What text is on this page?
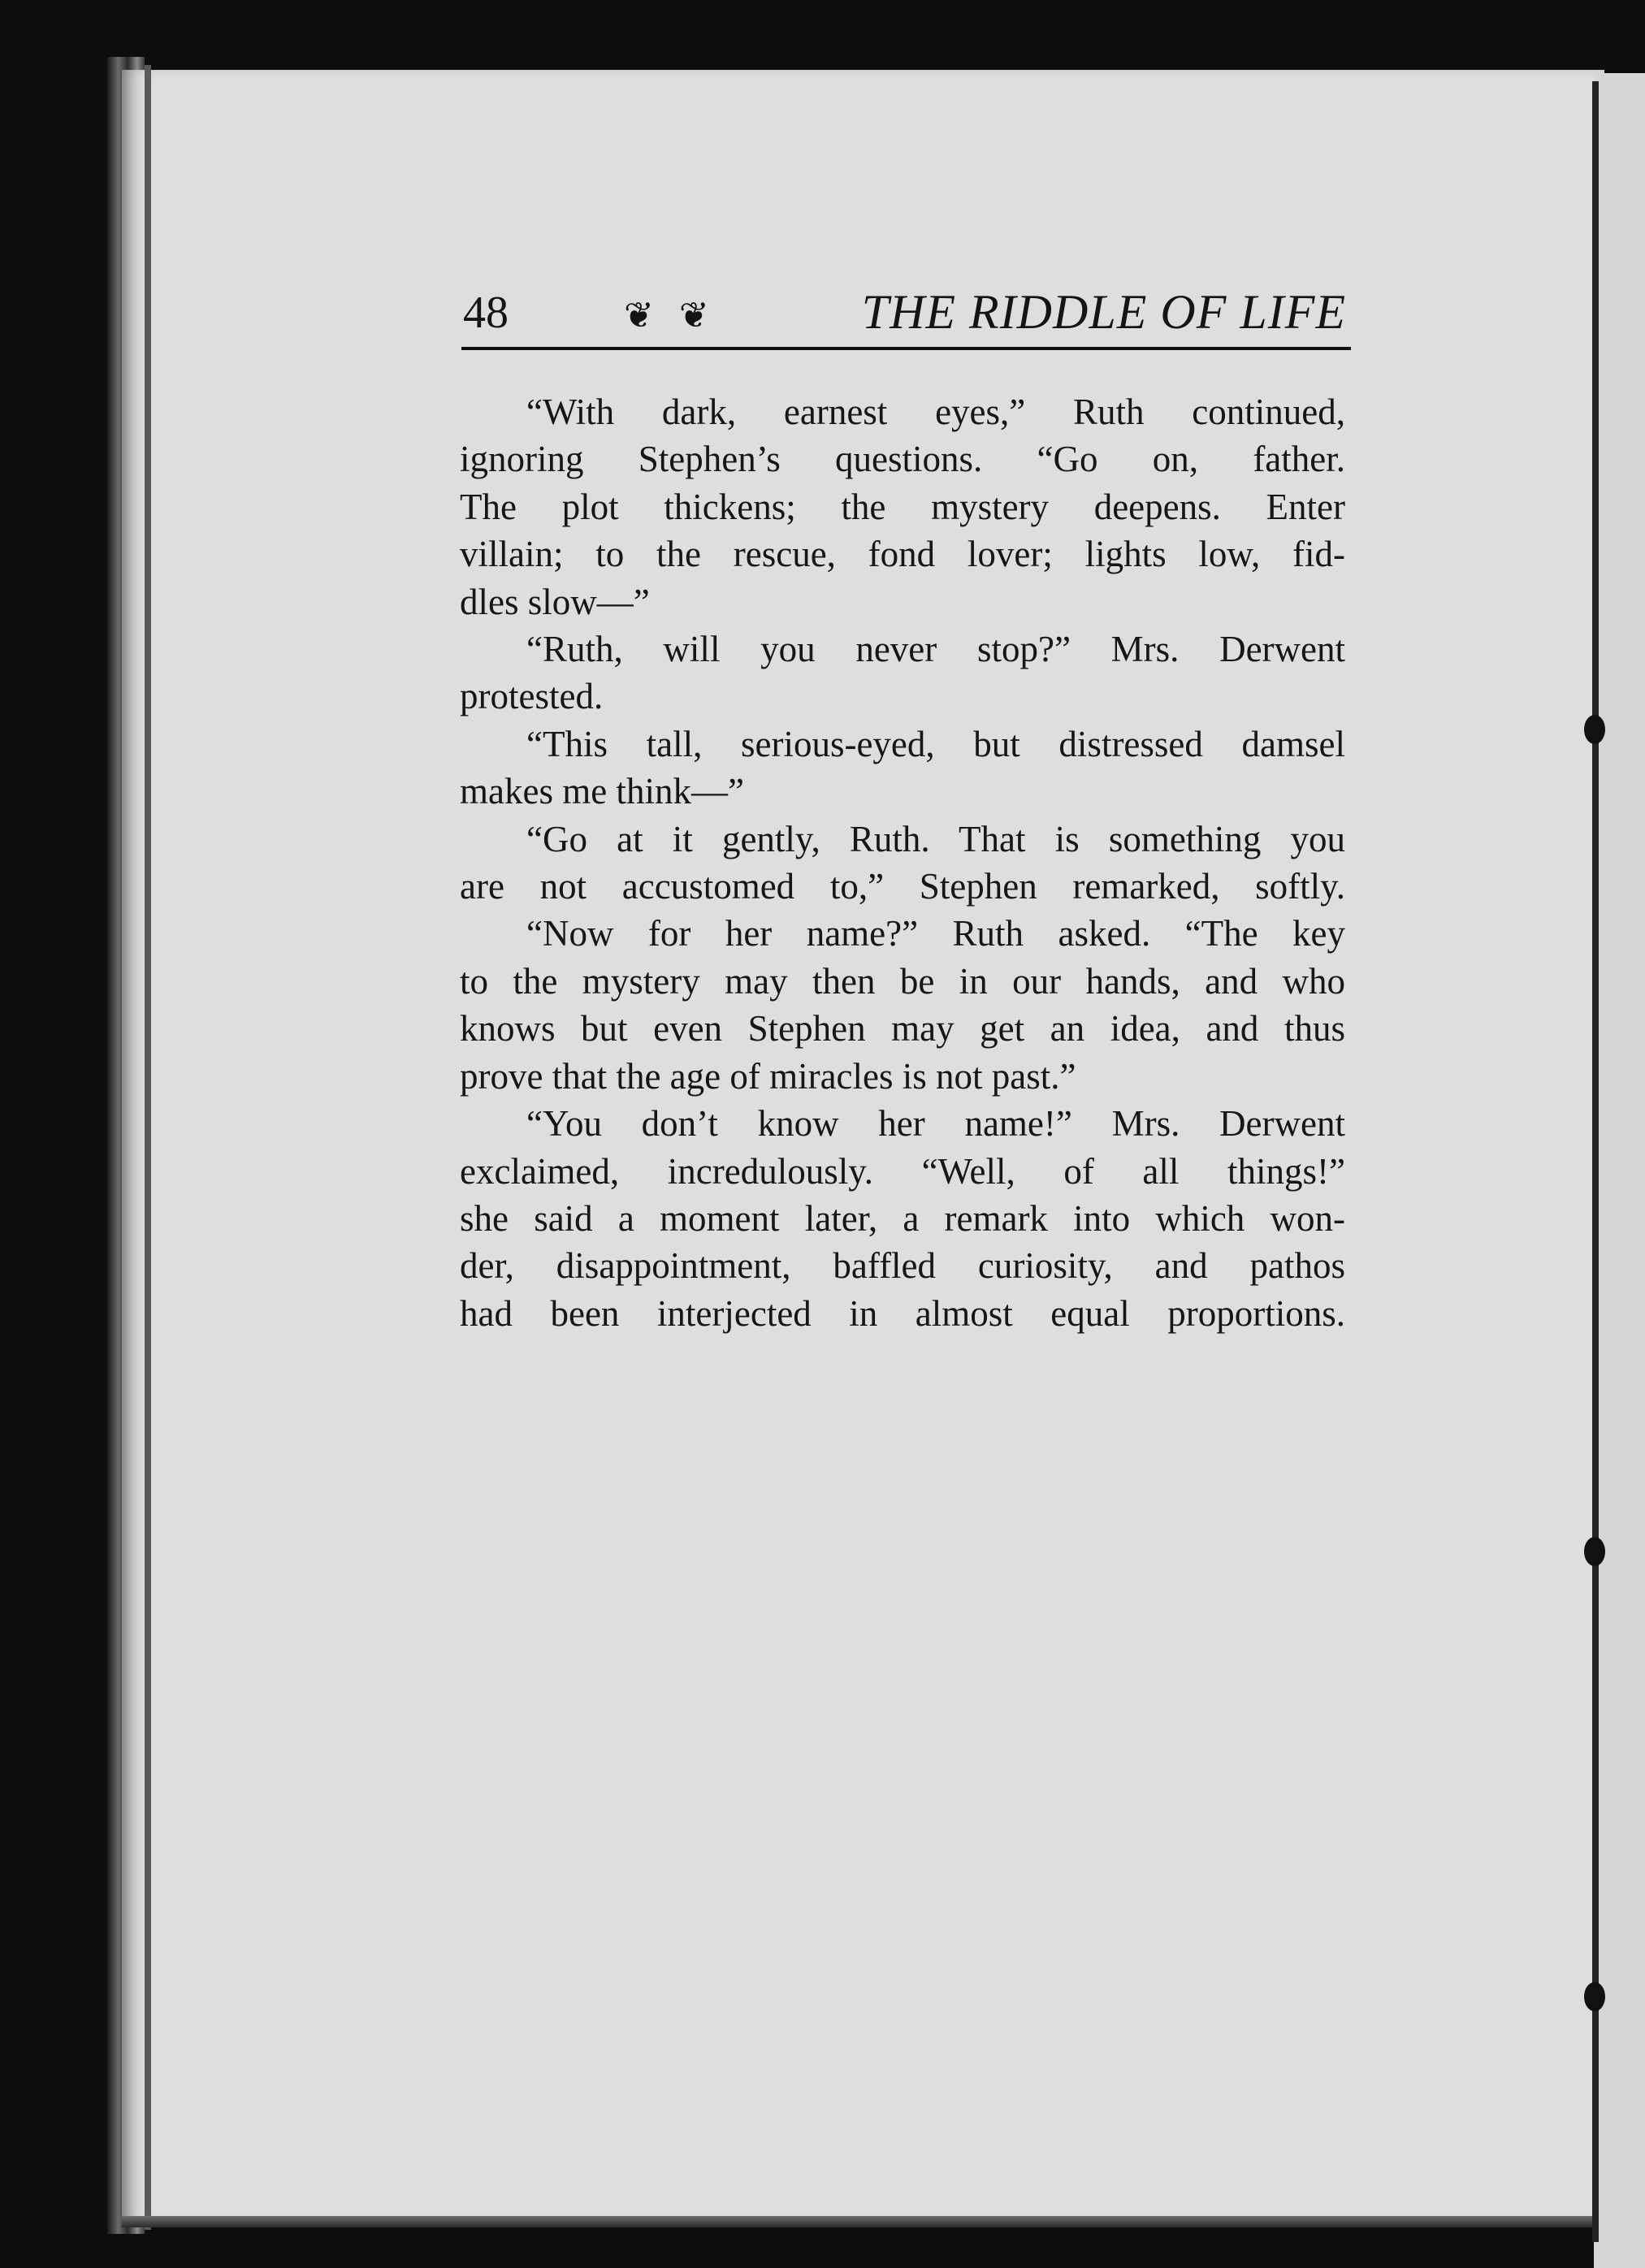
48	❦ ❦	THE RIDDLE OF LIFE
“With dark, earnest eyes,” Ruth continued,
ignoring Stephen’s questions. “Go on, father.
The plot thickens; the mystery deepens. Enter
villain; to the rescue, fond lover; lights low, fid-
dles slow—”
“Ruth, will you never stop?” Mrs. Derwent
protested.
“This tall, serious-eyed, but distressed damsel
makes me think—”
“Go at it gently, Ruth. That is something you
are not accustomed to,” Stephen remarked, softly.
“Now for her name?” Ruth asked. “The key
to the mystery may then be in our hands, and who
knows but even Stephen may get an idea, and thus
prove that the age of miracles is not past.”
“You don’t know her name!” Mrs. Derwent
exclaimed, incredulously. “Well, of all things!”
she said a moment later, a remark into which won-
der, disappointment, baffled curiosity, and pathos
had been interjected in almost equal proportions.
